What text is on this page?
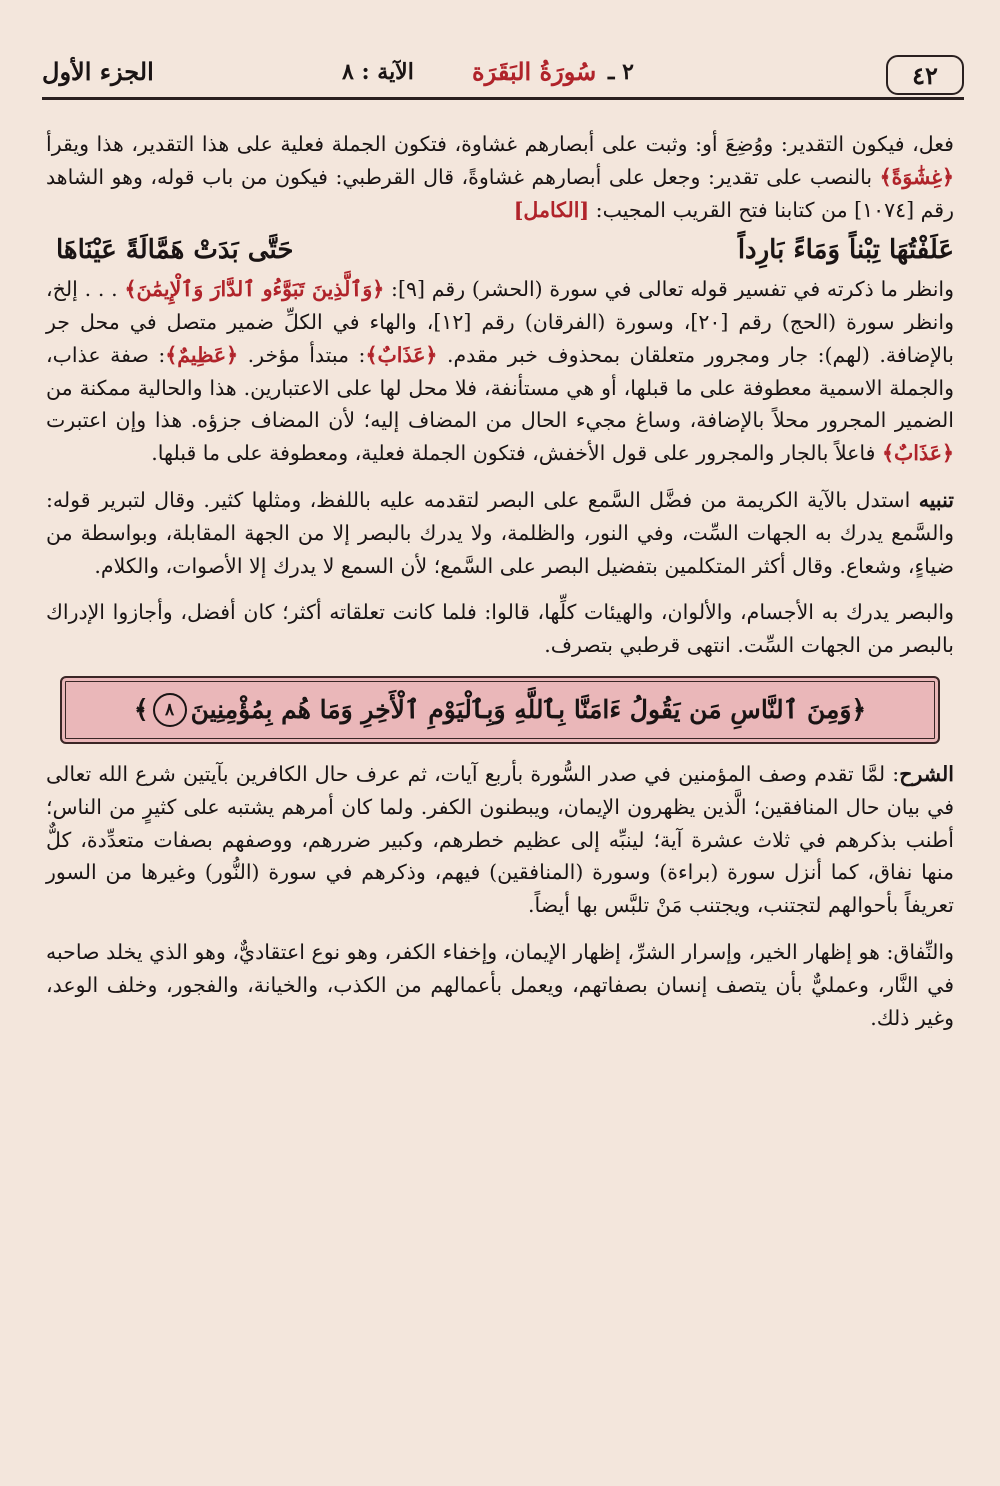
٤٢
٢ ـ
سُورَةُ البَقَرَة
الآية : ٨
الجزء الأول

فعل، فيكون التقدير: ووُضِعَ أو: وثبت على أبصارهم غشاوة، فتكون الجملة فعلية على هذا التقدير، هذا ويقرأ ﴿غِشَٰوَةً﴾ بالنصب على تقدير: وجعل على أبصارهم غشاوةً، قال القرطبي: فيكون من باب قوله، وهو الشاهد رقم [١٠٧٤] من كتابنا فتح القريب المجيب: [الكامل]

عَلَفْتُهَا تِبْناً وَمَاءً بَارِداً
حَتَّى بَدَتْ هَمَّالَةً عَيْنَاهَا

وانظر ما ذكرته في تفسير قوله تعالى في سورة (الحشر) رقم [٩]: ﴿وَٱلَّذِينَ تَبَوَّءُو ٱلدَّارَ وَٱلْإِيمَٰنَ﴾ . . . إلخ، وانظر سورة (الحج) رقم [٢٠]، وسورة (الفرقان) رقم [١٢]، والهاء في الكلِّ ضمير متصل في محل جر بالإضافة. (لهم): جار ومجرور متعلقان بمحذوف خبر مقدم. ﴿عَذَابٌ﴾: مبتدأ مؤخر. ﴿عَظِيمٌ﴾: صفة عذاب، والجملة الاسمية معطوفة على ما قبلها، أو هي مستأنفة، فلا محل لها على الاعتبارين. هذا والحالية ممكنة من الضمير المجرور محلاً بالإضافة، وساغ مجيء الحال من المضاف إليه؛ لأن المضاف جزؤه. هذا وإن اعتبرت ﴿عَذَابٌ﴾ فاعلاً بالجار والمجرور على قول الأخفش، فتكون الجملة فعلية، ومعطوفة على ما قبلها.

تنبيه استدل بالآية الكريمة من فضَّل السَّمع على البصر لتقدمه عليه باللفظ، ومثلها كثير. وقال لتبرير قوله: والسَّمع يدرك به الجهات السِّت، وفي النور، والظلمة، ولا يدرك بالبصر إلا من الجهة المقابلة، وبواسطة من ضياءٍ، وشعاع. وقال أكثر المتكلمين بتفضيل البصر على السَّمع؛ لأن السمع لا يدرك إلا الأصوات، والكلام.

والبصر يدرك به الأجسام، والألوان، والهيئات كلِّها، قالوا: فلما كانت تعلقاته أكثر؛ كان أفضل، وأجازوا الإدراك بالبصر من الجهات السِّت. انتهى قرطبي بتصرف.

﴿وَمِنَ ٱلنَّاسِ مَن يَقُولُ ءَامَنَّا بِٱللَّهِ وَبِٱلْيَوْمِ ٱلْأَخِرِ وَمَا هُم بِمُؤْمِنِينَ
٨
﴾

الشرح: لمَّا تقدم وصف المؤمنين في صدر السُّورة بأربع آيات، ثم عرف حال الكافرين بآيتين شرع الله تعالى في بيان حال المنافقين؛ الَّذين يظهرون الإيمان، ويبطنون الكفر. ولما كان أمرهم يشتبه على كثيرٍ من الناس؛ أطنب بذكرهم في ثلاث عشرة آية؛ لينبِّه إلى عظيم خطرهم، وكبير ضررهم، ووصفهم بصفات متعدِّدة، كلٌّ منها نفاق، كما أنزل سورة (براءة) وسورة (المنافقين) فيهم، وذكرهم في سورة (النُّور) وغيرها من السور تعريفاً بأحوالهم لتجتنب، ويجتنب مَنْ تلبَّس بها أيضاً.

والنِّفاق: هو إظهار الخير، وإسرار الشرِّ، إظهار الإيمان، وإخفاء الكفر، وهو نوع اعتقاديٌّ، وهو الذي يخلد صاحبه في النَّار، وعمليٌّ بأن يتصف إنسان بصفاتهم، ويعمل بأعمالهم من الكذب، والخيانة، والفجور، وخلف الوعد، وغير ذلك.
